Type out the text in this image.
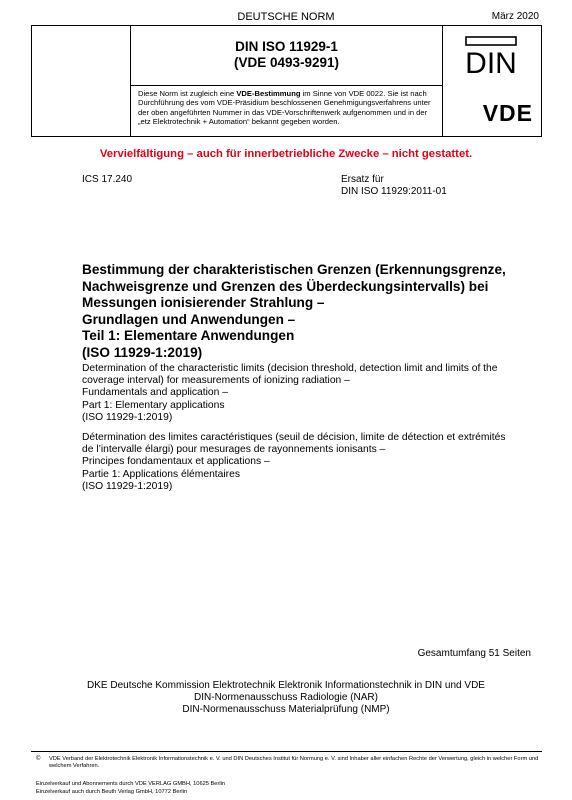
DEUTSCHE NORM	März 2020
DIN ISO 11929-1
(VDE 0493-9291)
Diese Norm ist zugleich eine VDE-Bestimmung im Sinne von VDE 0022. Sie ist nach Durchführung des vom VDE-Präsidium beschlossenen Genehmigungsverfahrens unter der oben angeführten Nummer in das VDE-Vorschriftenwerk aufgenommen und in der „etz Elektrotechnik + Automation“ bekannt gegeben worden.
DIN
VDE
Vervielfältigung – auch für innerbetriebliche Zwecke – nicht gestattet.
ICS 17.240	Ersatz für
DIN ISO 11929:2011-01
Bestimmung der charakteristischen Grenzen (Erkennungsgrenze,
Nachweisgrenze und Grenzen des Überdeckungsintervalls) bei
Messungen ionisierender Strahlung –
Grundlagen und Anwendungen –
Teil 1: Elementare Anwendungen
(ISO 11929-1:2019)
Determination of the characteristic limits (decision threshold, detection limit and limits of the
coverage interval) for measurements of ionizing radiation –
Fundamentals and application –
Part 1: Elementary applications
(ISO 11929-1:2019)
Détermination des limites caractéristiques (seuil de décision, limite de détection et extrémités
de l’intervalle élargi) pour mesurages de rayonnements ionisants –
Principes fondamentaux et applications –
Partie 1: Applications élémentaires
(ISO 11929-1:2019)
Gesamtumfang 51 Seiten
DKE Deutsche Kommission Elektrotechnik Elektronik Informationstechnik in DIN und VDE
DIN-Normenausschuss Radiologie (NAR)
DIN-Normenausschuss Materialprüfung (NMP)
© VDE Verband der Elektrotechnik Elektronik Informationstechnik e. V. und DIN Deutsches Institut für Normung e. V. sind Inhaber aller einfachen Rechte der Verwertung, gleich in welcher Form und welchem Verfahren.
Einzelverkauf und Abonnements durch VDE VERLAG GMBH, 10625 Berlin
Einzelverkauf auch durch Beuth Verlag GmbH, 10772 Berlin
